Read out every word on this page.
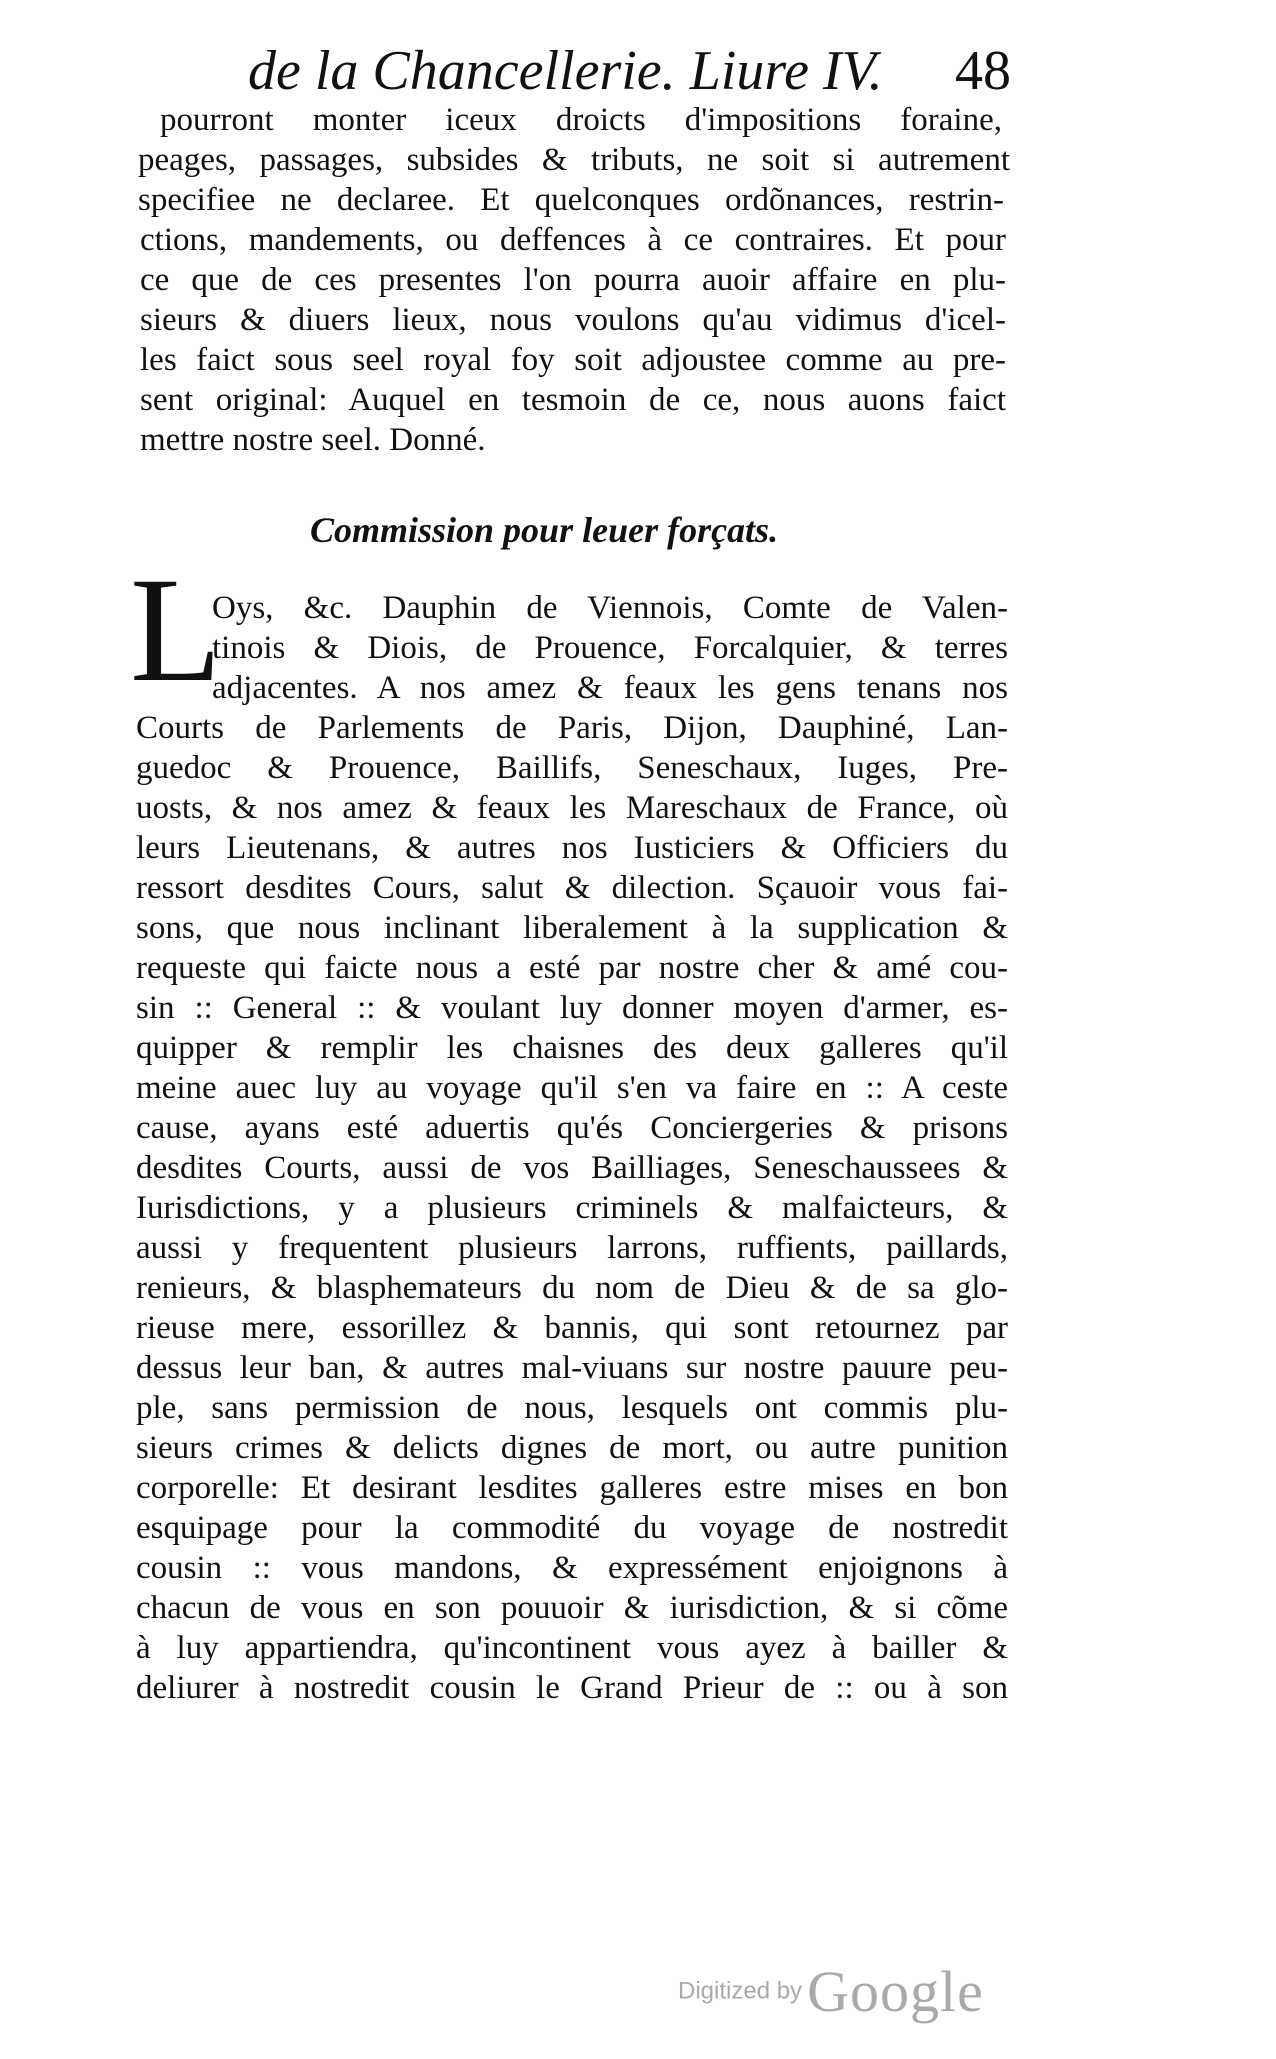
de la Chancellerie. Liure IV.	48
pourront monter iceux droicts d'impositions foraine,
peages, passages, subsides & tributs, ne soit si autrement
specifiee ne declaree. Et quelconques ordõnances, restrin-
ctions, mandements, ou deffences à ce contraires. Et pour
ce que de ces presentes l'on pourra auoir affaire en plu-
sieurs & diuers lieux, nous voulons qu'au vidimus d'icel-
les faict sous seel royal foy soit adjoustee comme au pre-
sent original: Auquel en tesmoin de ce, nous auons faict
mettre nostre seel. Donné.
Commission pour leuer forçats.
L
Oys, &c. Dauphin de Viennois, Comte de Valen-
tinois & Diois, de Prouence, Forcalquier, & terres
adjacentes. A nos amez & feaux les gens tenans nos
Courts de Parlements de Paris, Dijon, Dauphiné, Lan-
guedoc & Prouence, Baillifs, Seneschaux, Iuges, Pre-
uosts, & nos amez & feaux les Mareschaux de France, où
leurs Lieutenans, & autres nos Iusticiers & Officiers du
ressort desdites Cours, salut & dilection. Sçauoir vous fai-
sons, que nous inclinant liberalement à la supplication &
requeste qui faicte nous a esté par nostre cher & amé cou-
sin :: General :: & voulant luy donner moyen d'armer, es-
quipper & remplir les chaisnes des deux galleres qu'il
meine auec luy au voyage qu'il s'en va faire en :: A ceste
cause, ayans esté aduertis qu'és Conciergeries & prisons
desdites Courts, aussi de vos Bailliages, Seneschaussees &
Iurisdictions, y a plusieurs criminels & malfaicteurs, &
aussi y frequentent plusieurs larrons, ruffients, paillards,
renieurs, & blasphemateurs du nom de Dieu & de sa glo-
rieuse mere, essorillez & bannis, qui sont retournez par
dessus leur ban, & autres mal-viuans sur nostre pauure peu-
ple, sans permission de nous, lesquels ont commis plu-
sieurs crimes & delicts dignes de mort, ou autre punition
corporelle: Et desirant lesdites galleres estre mises en bon
esquipage pour la commodité du voyage de nostredit
cousin :: vous mandons, & expressément enjoignons à
chacun de vous en son pouuoir & iurisdiction, & si cõme
à luy appartiendra, qu'incontinent vous ayez à bailler &
deliurer à nostredit cousin le Grand Prieur de :: ou à son
Digitized by Google
